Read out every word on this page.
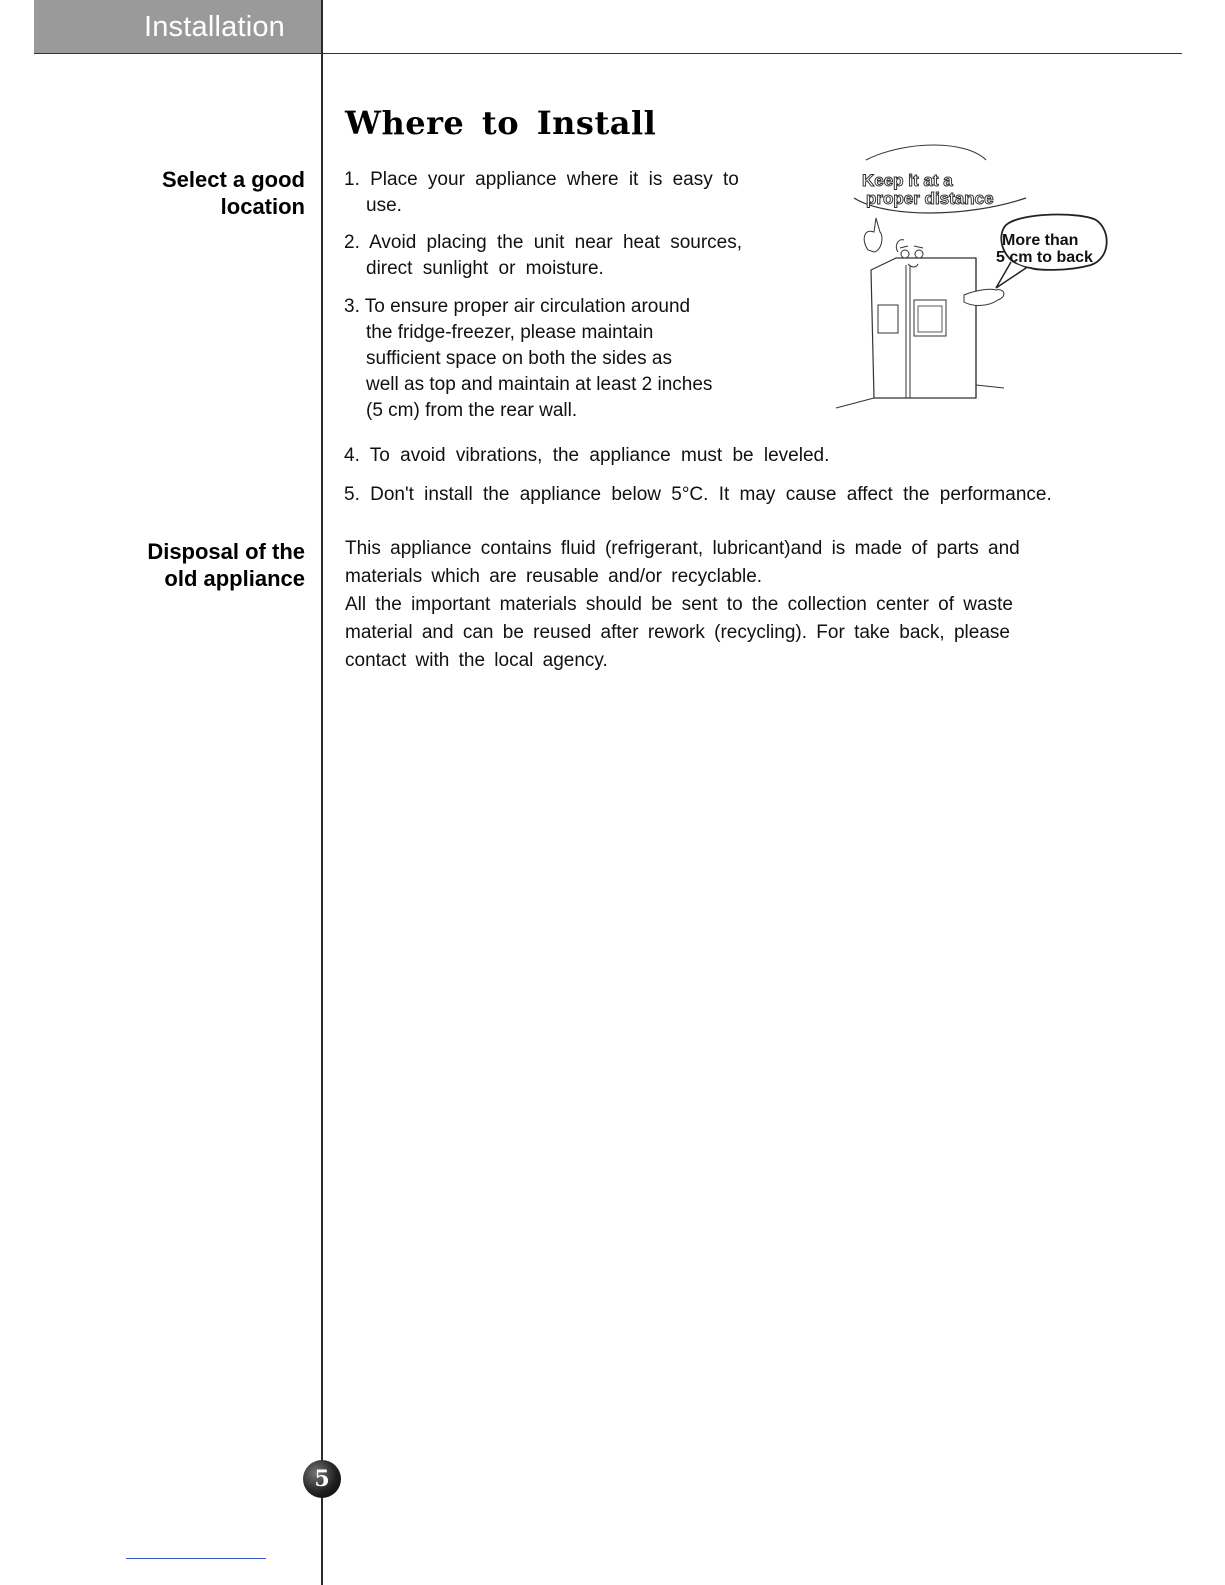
Installation
Select a good
location
Disposal of the
old appliance
Where to Install
1. Place your appliance where it is easy to
use.
2. Avoid placing the unit near heat sources,
direct sunlight or moisture.
3. To ensure proper air circulation around
the fridge-freezer, please maintain
sufficient space on both the sides as
well as top and maintain at least 2 inches
(5 cm) from the rear wall.
4. To avoid vibrations, the appliance must be leveled.
5. Don't install the appliance below 5°C. It may cause affect the performance.
This appliance contains fluid (refrigerant, lubricant)and is made of parts and
materials which are reusable and/or recyclable.
All the important materials should be sent to the collection center of waste
material and can be reused after rework (recycling). For take back, please
contact with the local agency.
Keep it at a
proper distance
More than
5 cm to back
5
